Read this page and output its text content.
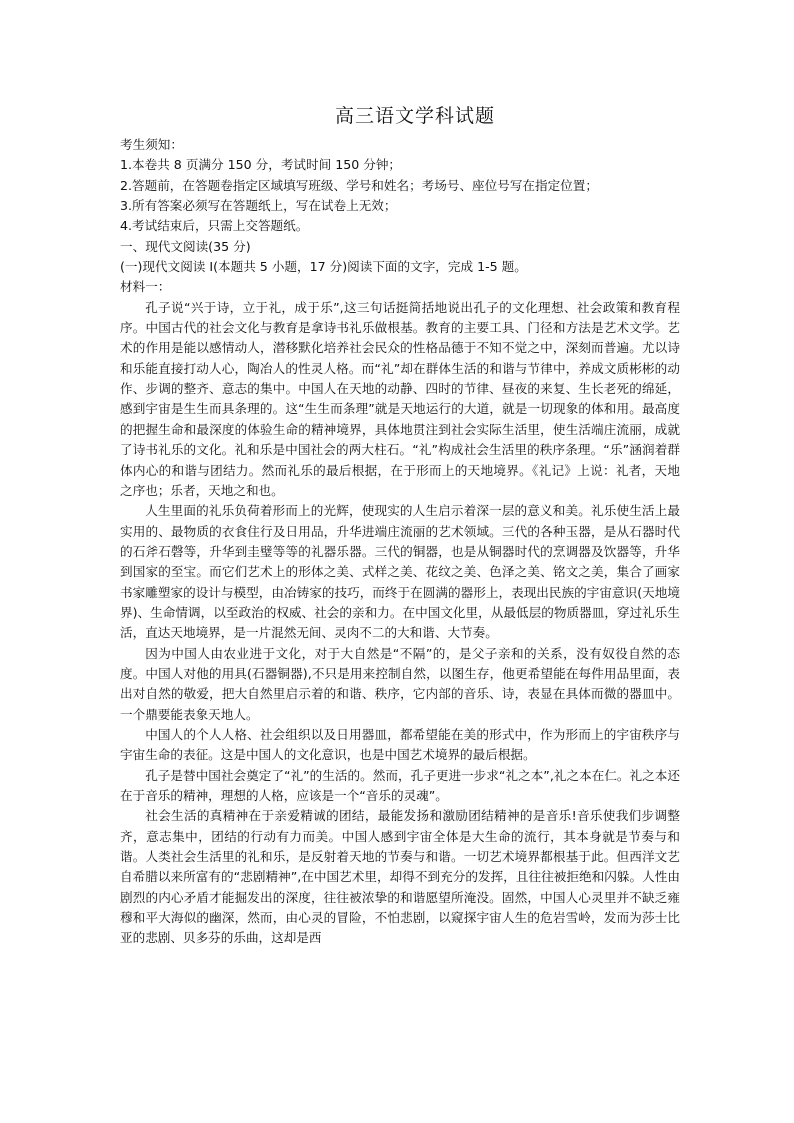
高三语文学科试题

考生须知：

1.本卷共 8 页满分 150 分，考试时间 150 分钟；

2.答题前，在答题卷指定区域填写班级、学号和姓名；考场号、座位号写在指定位置；

3.所有答案必须写在答题纸上，写在试卷上无效；

4.考试结束后，只需上交答题纸。

一、现代文阅读(35 分)

(一)现代文阅读 I(本题共 5 小题，17 分)阅读下面的文字，完成 1-5 题。

材料一：

孔子说“兴于诗，立于礼，成于乐”,这三句话挺简括地说出孔子的文化理想、社会政策和教育程序。中国古代的社会文化与教育是拿诗书礼乐做根基。教育的主要工具、门径和方法是艺术文学。艺术的作用是能以感情动人，潜移默化培养社会民众的性格品德于不知不觉之中，深刻而普遍。尤以诗和乐能直接打动人心，陶冶人的性灵人格。而“礼”却在群体生活的和谐与节律中，养成文质彬彬的动作、步调的整齐、意志的集中。中国人在天地的动静、四时的节律、昼夜的来复、生长老死的绵延，感到宇宙是生生而具条理的。这“生生而条理”就是天地运行的大道，就是一切现象的体和用。最高度的把握生命和最深度的体验生命的精神境界，具体地贯注到社会实际生活里，使生活端庄流丽，成就了诗书礼乐的文化。礼和乐是中国社会的两大柱石。“礼”构成社会生活里的秩序条理。“乐”涵润着群体内心的和谐与团结力。然而礼乐的最后根据，在于形而上的天地境界。《礼记》上说：礼者，天地之序也；乐者，天地之和也。

人生里面的礼乐负荷着形而上的光辉，使现实的人生启示着深一层的意义和美。礼乐使生活上最实用的、最物质的衣食住行及日用品，升华进端庄流丽的艺术领域。三代的各种玉器，是从石器时代的石斧石磬等，升华到圭璧等等的礼器乐器。三代的铜器，也是从铜器时代的烹调器及饮器等，升华到国家的至宝。而它们艺术上的形体之美、式样之美、花纹之美、色泽之美、铭文之美，集合了画家书家雕塑家的设计与模型，由冶铸家的技巧，而终于在圆满的器形上，表现出民族的宇宙意识(天地境界)、生命情调，以至政治的权威、社会的亲和力。在中国文化里，从最低层的物质器皿，穿过礼乐生活，直达天地境界，是一片混然无间、灵肉不二的大和谐、大节奏。

因为中国人由农业进于文化，对于大自然是“不隔”的，是父子亲和的关系，没有奴役自然的态度。中国人对他的用具(石器铜器),不只是用来控制自然，以图生存，他更希望能在每件用品里面，表出对自然的敬爱，把大自然里启示着的和谐、秩序，它内部的音乐、诗，表显在具体而微的器皿中。一个鼎要能表象天地人。

中国人的个人人格、社会组织以及日用器皿，都希望能在美的形式中，作为形而上的宇宙秩序与宇宙生命的表征。这是中国人的文化意识，也是中国艺术境界的最后根据。

孔子是替中国社会奠定了“礼”的生活的。然而，孔子更进一步求“礼之本”,礼之本在仁。礼之本还在于音乐的精神，理想的人格，应该是一个“音乐的灵魂”。

社会生活的真精神在于亲爱精诚的团结，最能发扬和激励团结精神的是音乐!音乐使我们步调整齐，意志集中，团结的行动有力而美。中国人感到宇宙全体是大生命的流行，其本身就是节奏与和谐。人类社会生活里的礼和乐，是反射着天地的节奏与和谐。一切艺术境界都根基于此。但西洋文艺自希腊以来所富有的“悲剧精神”,在中国艺术里，却得不到充分的发挥，且往往被拒绝和闪躲。人性由剧烈的内心矛盾才能掘发出的深度，往往被浓挚的和谐愿望所淹没。固然，中国人心灵里并不缺乏雍穆和平大海似的幽深，然而，由心灵的冒险，不怕悲剧，以窥探宇宙人生的危岩雪岭，发而为莎士比亚的悲剧、贝多芬的乐曲，这却是西
